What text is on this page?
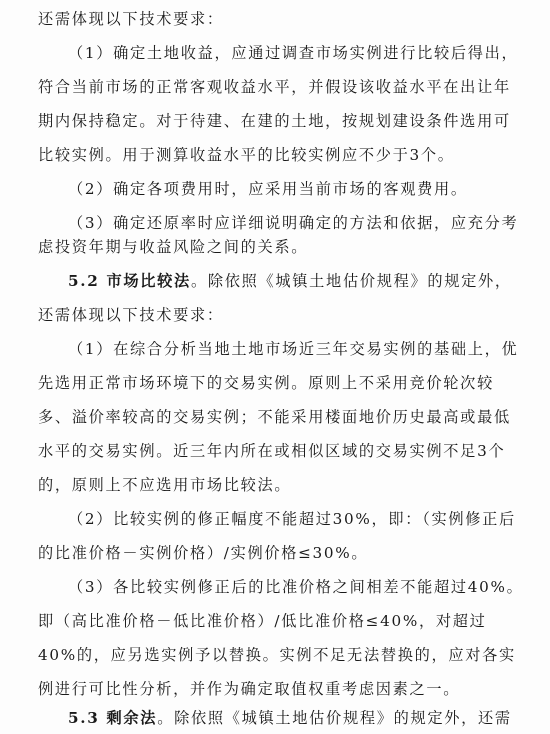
还需体现以下技术要求：
（1）确定土地收益，应通过调查市场实例进行比较后得出，
符合当前市场的正常客观收益水平，并假设该收益水平在出让年
期内保持稳定。对于待建、在建的土地，按规划建设条件选用可
比较实例。用于测算收益水平的比较实例应不少于3个。
（2）确定各项费用时，应采用当前市场的客观费用。
（3）确定还原率时应详细说明确定的方法和依据，应充分考
虑投资年期与收益风险之间的关系。
5.2 市场比较法。除依照《城镇土地估价规程》的规定外，
还需体现以下技术要求：
（1）在综合分析当地土地市场近三年交易实例的基础上，优
先选用正常市场环境下的交易实例。原则上不采用竞价轮次较
多、溢价率较高的交易实例；不能采用楼面地价历史最高或最低
水平的交易实例。近三年内所在或相似区域的交易实例不足3个
的，原则上不应选用市场比较法。
（2）比较实例的修正幅度不能超过30%，即：（实例修正后
的比准价格－实例价格）/实例价格≤30%。
（3）各比较实例修正后的比准价格之间相差不能超过40%。
即（高比准价格－低比准价格）/低比准价格≤40%，对超过
40%的，应另选实例予以替换。实例不足无法替换的，应对各实
例进行可比性分析，并作为确定取值权重考虑因素之一。
5.3 剩余法。除依照《城镇土地估价规程》的规定外，还需
